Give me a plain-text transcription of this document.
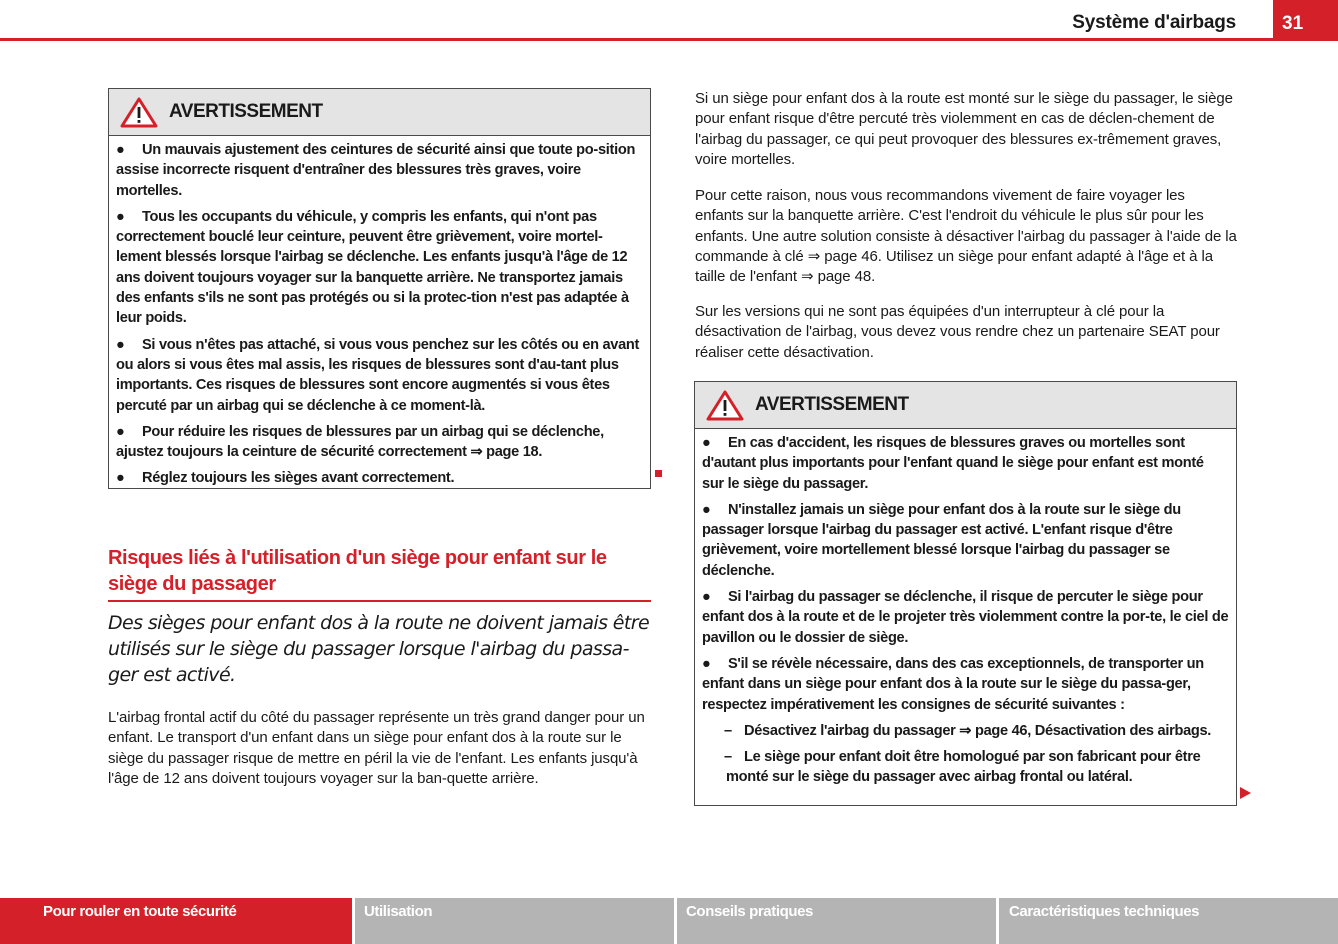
Système d'airbags	31
AVERTISSEMENT
● Un mauvais ajustement des ceintures de sécurité ainsi que toute po-sition assise incorrecte risquent d'entraîner des blessures très graves, voire mortelles.
● Tous les occupants du véhicule, y compris les enfants, qui n'ont pas correctement bouclé leur ceinture, peuvent être grièvement, voire mortel-lement blessés lorsque l'airbag se déclenche. Les enfants jusqu'à l'âge de 12 ans doivent toujours voyager sur la banquette arrière. Ne transportez jamais des enfants s'ils ne sont pas protégés ou si la protec-tion n'est pas adaptée à leur poids.
● Si vous n'êtes pas attaché, si vous vous penchez sur les côtés ou en avant ou alors si vous êtes mal assis, les risques de blessures sont d'au-tant plus importants. Ces risques de blessures sont encore augmentés si vous êtes percuté par un airbag qui se déclenche à ce moment-là.
● Pour réduire les risques de blessures par un airbag qui se déclenche, ajustez toujours la ceinture de sécurité correctement ⇒ page 18.
● Réglez toujours les sièges avant correctement.
Risques liés à l'utilisation d'un siège pour enfant sur le siège du passager
Des sièges pour enfant dos à la route ne doivent jamais être utilisés sur le siège du passager lorsque l'airbag du passa-ger est activé.
L'airbag frontal actif du côté du passager représente un très grand danger pour un enfant. Le transport d'un enfant dans un siège pour enfant dos à la route sur le siège du passager risque de mettre en péril la vie de l'enfant. Les enfants jusqu'à l'âge de 12 ans doivent toujours voyager sur la ban-quette arrière.
Si un siège pour enfant dos à la route est monté sur le siège du passager, le siège pour enfant risque d'être percuté très violemment en cas de déclen-chement de l'airbag du passager, ce qui peut provoquer des blessures ex-trêmement graves, voire mortelles.
Pour cette raison, nous vous recommandons vivement de faire voyager les enfants sur la banquette arrière. C'est l'endroit du véhicule le plus sûr pour les enfants. Une autre solution consiste à désactiver l'airbag du passager à l'aide de la commande à clé ⇒ page 46. Utilisez un siège pour enfant adapté à l'âge et à la taille de l'enfant ⇒ page 48.
Sur les versions qui ne sont pas équipées d'un interrupteur à clé pour la désactivation de l'airbag, vous devez vous rendre chez un partenaire SEAT pour réaliser cette désactivation.
AVERTISSEMENT
● En cas d'accident, les risques de blessures graves ou mortelles sont d'autant plus importants pour l'enfant quand le siège pour enfant est monté sur le siège du passager.
● N'installez jamais un siège pour enfant dos à la route sur le siège du passager lorsque l'airbag du passager est activé. L'enfant risque d'être grièvement, voire mortellement blessé lorsque l'airbag du passager se déclenche.
● Si l'airbag du passager se déclenche, il risque de percuter le siège pour enfant dos à la route et de le projeter très violemment contre la por-te, le ciel de pavillon ou le dossier de siège.
● S'il se révèle nécessaire, dans des cas exceptionnels, de transporter un enfant dans un siège pour enfant dos à la route sur le siège du passa-ger, respectez impérativement les consignes de sécurité suivantes :
– Désactivez l'airbag du passager ⇒ page 46, Désactivation des airbags.
– Le siège pour enfant doit être homologué par son fabricant pour être monté sur le siège du passager avec airbag frontal ou latéral.
Pour rouler en toute sécurité	Utilisation	Conseils pratiques	Caractéristiques techniques
